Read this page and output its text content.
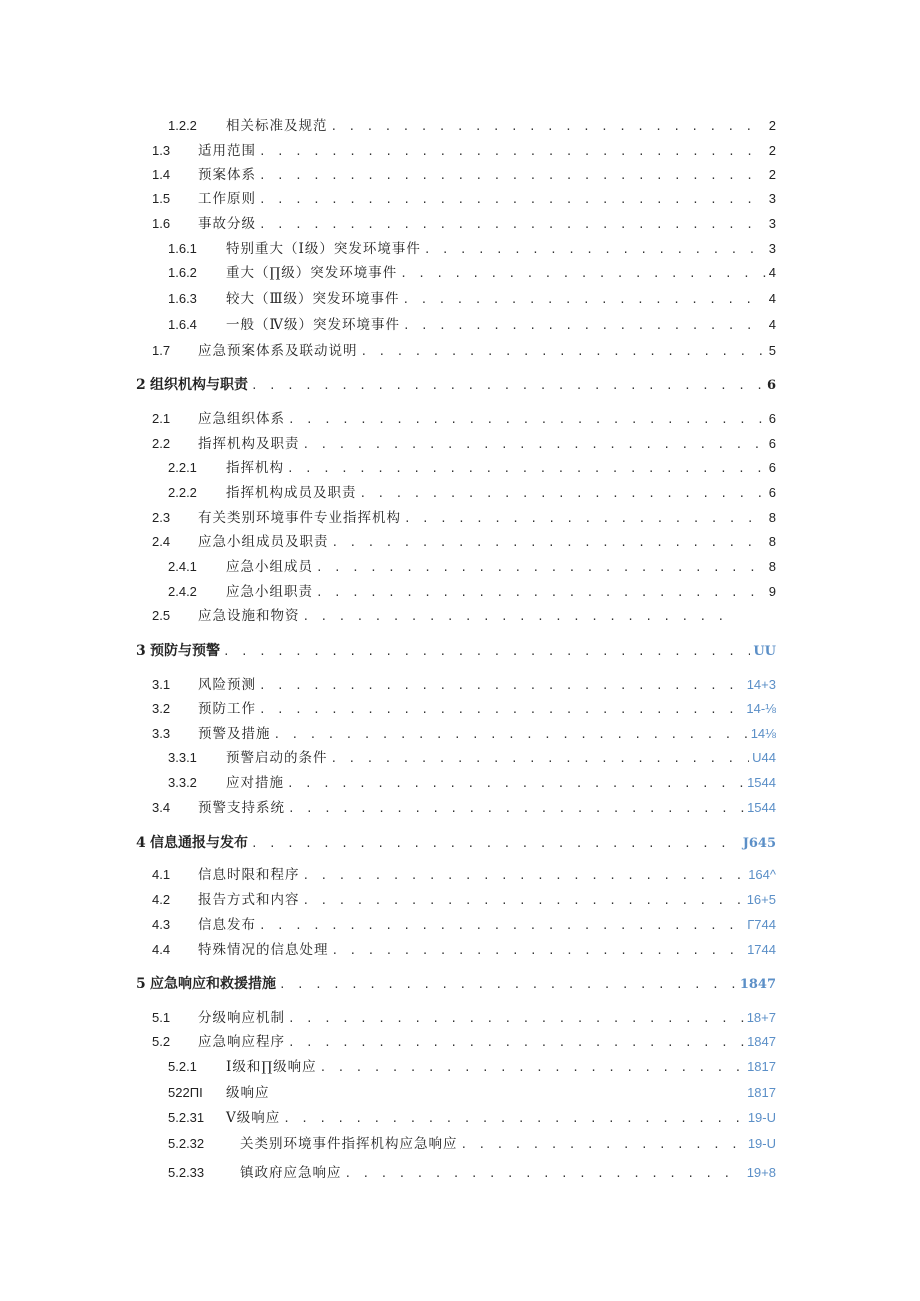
1.2.2	相关标准及规范 . . .	2
1.3	适用范围 . . .	2
1.4	预案体系 . . .	2
1.5	工作原则 . . .	3
1.6	事故分级 . . .	3
1.6.1	特别重大（I级）突发环境事件 . . .	3
1.6.2	重大（∏级）突发环境事件 . . .	4
1.6.3	较大（Ⅲ级）突发环境事件 . . .	4
1.6.4	一般（Ⅳ级）突发环境事件 . . .	4
1.7	应急预案体系及联动说明 . . .	5
2 组织机构与职责 . . .	6
2.1	应急组织体系 . . .	6
2.2	指挥机构及职责 . . .	6
2.2.1	指挥机构 . . .	6
2.2.2	指挥机构成员及职责 . . .	6
2.3	有关类别环境事件专业指挥机构 . . .	8
2.4	应急小组成员及职责 . . .	8
2.4.1	应急小组成员 . . .	8
2.4.2	应急小组职责 . . .	9
2.5	应急设施和物资
. . .
3 预防与预警 . . .	UU
3.1	风险预测 . . .	14+3
3.2	预防工作 . . .	14-⅛
3.3	预警及措施 . . .	14⅛
3.3.1	预警启动的条件 . . .	U44
3.3.2	应对措施 . . .	1544
3.4	预警支持系统 . . .	1544
4 信息通报与发布 . . .	J645
4.1	信息时限和程序 . . .	164^
4.2	报告方式和内容 . . .	16+5
4.3	信息发布 . . .	Г744
4.4	特殊情况的信息处理 . . .	1744
5 应急响应和救援措施 . . .	1847
5.1	分级响应机制 . . .	18+7
5.2	应急响应程序 . . .	1847
5.2.1	I级和∏级响应 . . .	1817
522ΠI	级响应	1817
5.2.31	Ⅴ级响应 . . .	19-U
5.2.32	关类别环境事件指挥机构应急响应 . . .	19-U
5.2.33	镇政府应急响应 . . .	19+8
